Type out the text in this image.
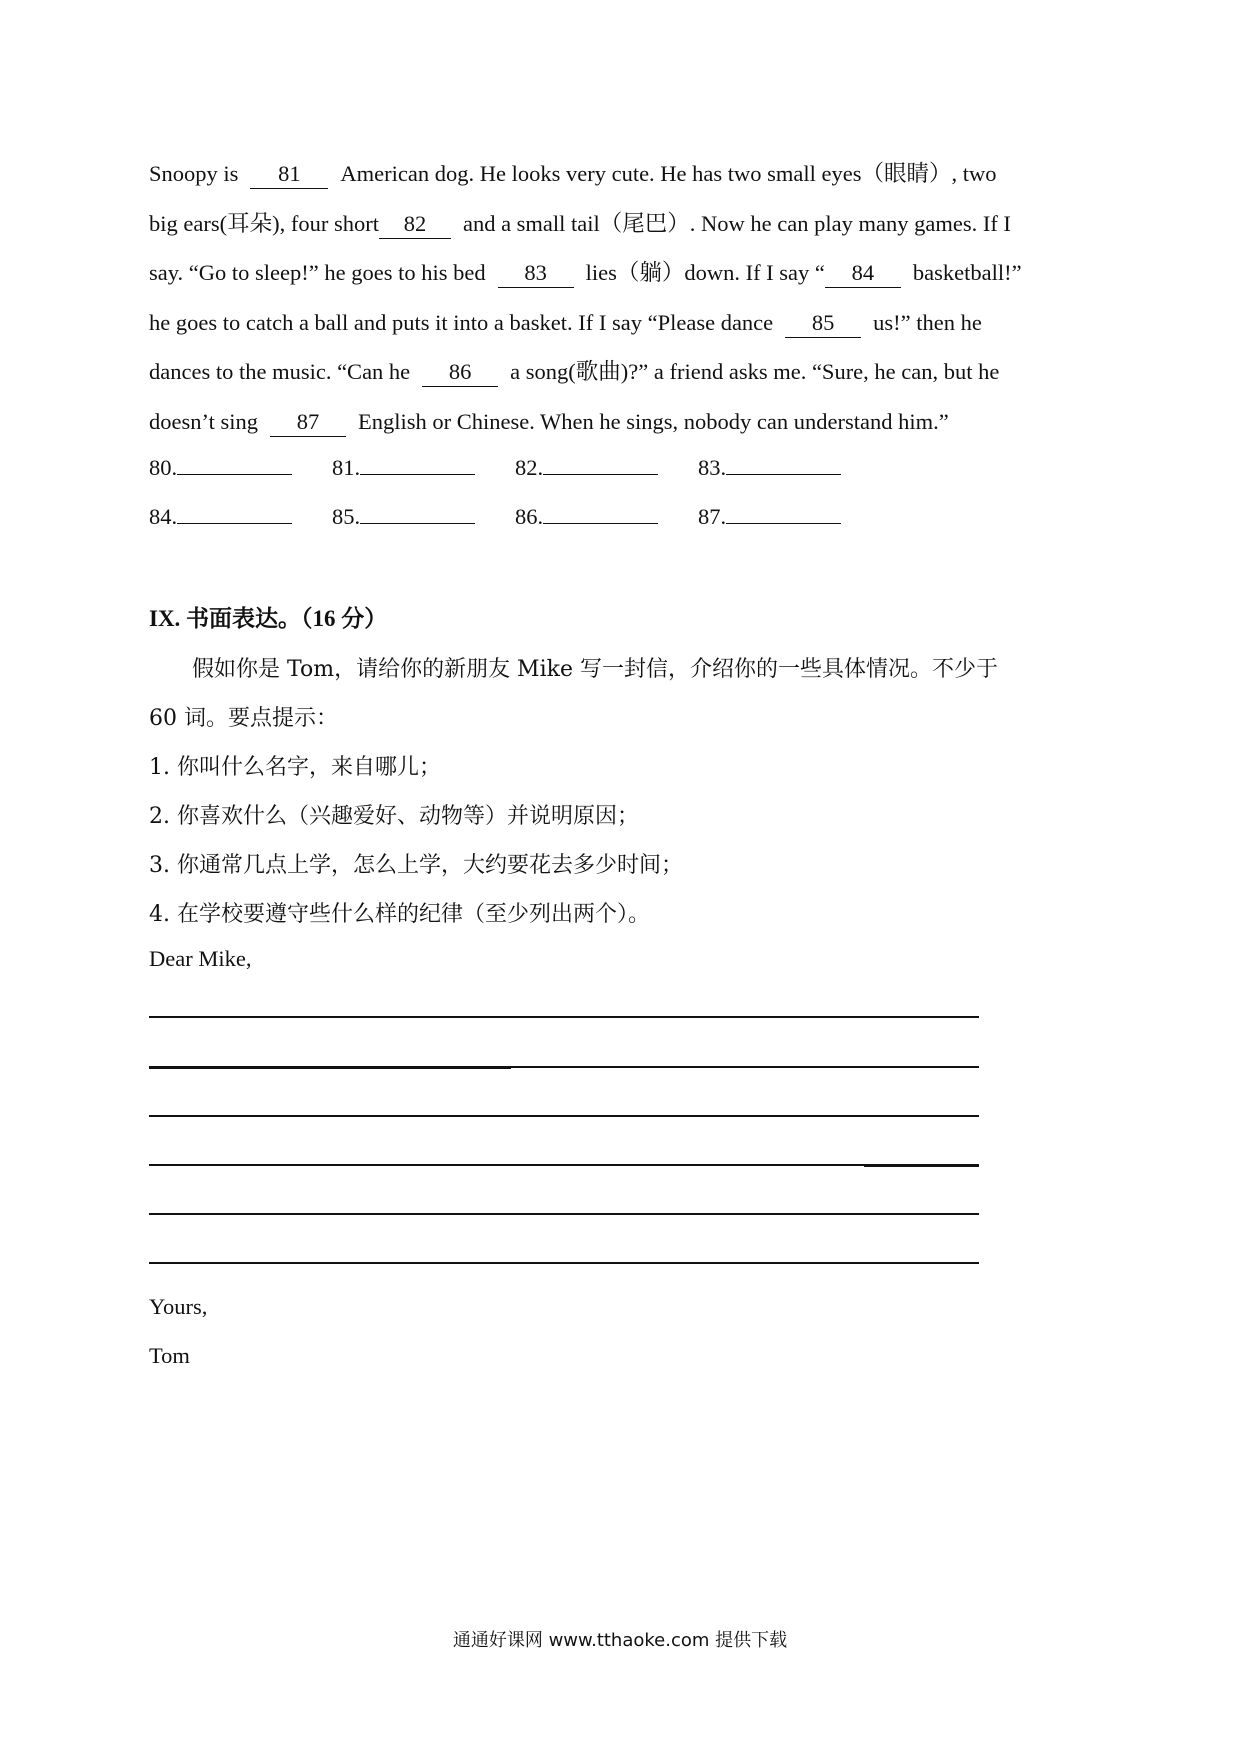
Snoopy is 81 American dog. He looks very cute. He has two small eyes（眼睛）, two
big ears(耳朵), four short 82 and a small tail（尾巴）. Now he can play many games. If I
say. “Go to sleep!” he goes to his bed 83 lies（躺）down. If I say “ 84 basketball!”
he goes to catch a ball and puts it into a basket. If I say “Please dance 85 us!” then he
dances to the music. “Can he 86 a song(歌曲)?” a friend asks me. “Sure, he can, but he
doesn’t sing 87 English or Chinese. When he sings, nobody can understand him.”
80.	81.	82.	83.
84.	85.	86.	87.
IX. 书面表达。（16 分）
假如你是 Tom，请给你的新朋友 Mike 写一封信，介绍你的一些具体情况。不少于
60 词。要点提示：
1. 你叫什么名字，来自哪儿；
2. 你喜欢什么（兴趣爱好、动物等）并说明原因；
3. 你通常几点上学，怎么上学，大约要花去多少时间；
4. 在学校要遵守些什么样的纪律（至少列出两个）。
Dear Mike,
Yours,
Tom
通通好课网 www.tthaoke.com 提供下载
